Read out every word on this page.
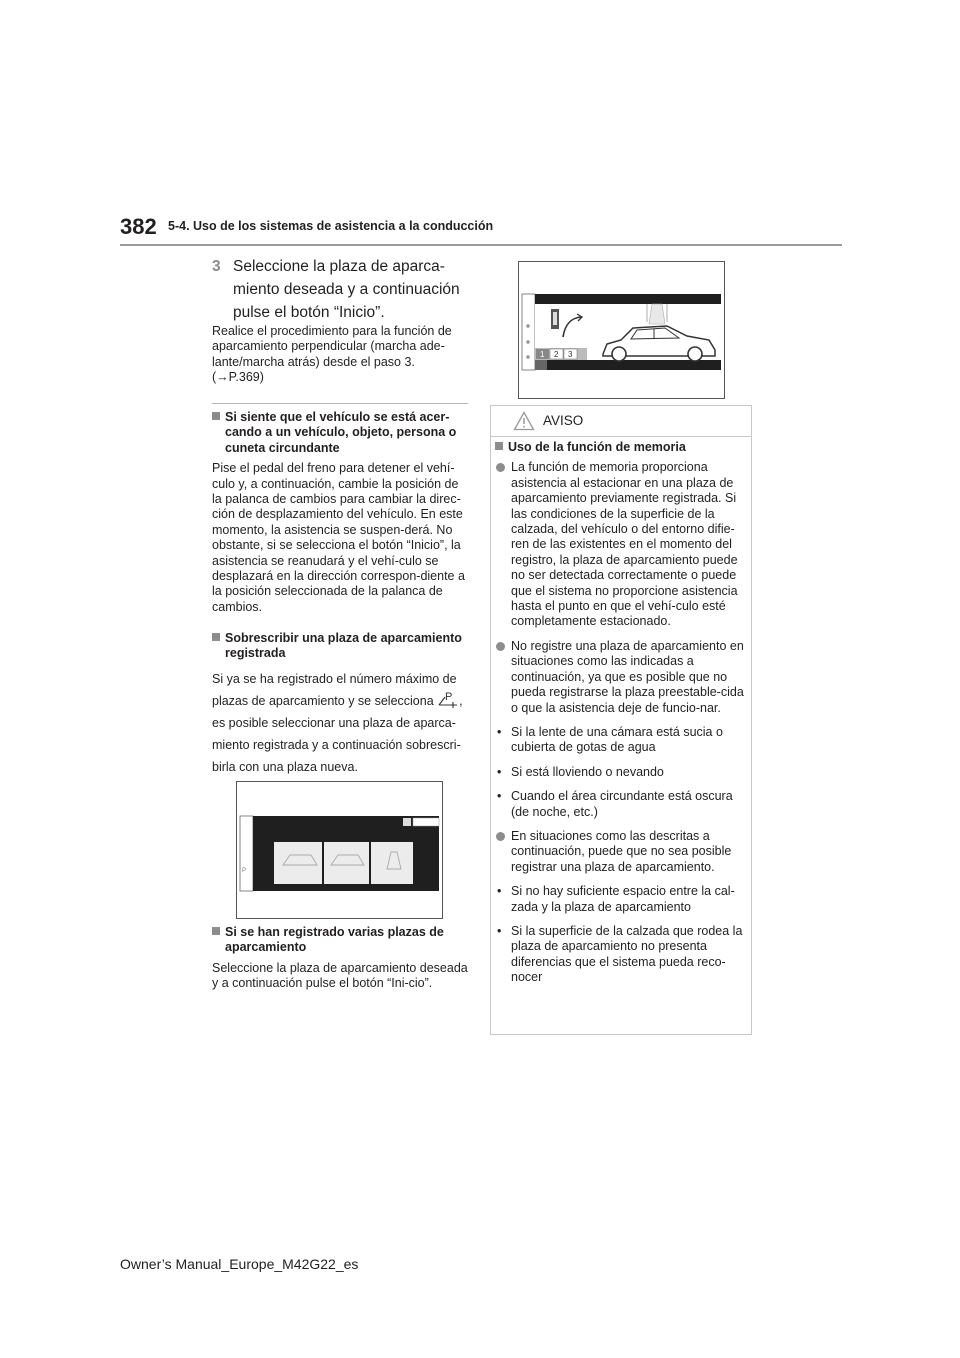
382 5-4. Uso de los sistemas de asistencia a la conducción
3 Seleccione la plaza de aparca-miento deseada y a continuación pulse el botón “Inicio”.
Realice el procedimiento para la función de aparcamiento perpendicular (marcha ade-lante/marcha atrás) desde el paso 3. (→P.369)
Si siente que el vehículo se está acer-cando a un vehículo, objeto, persona o cuneta circundante
Pise el pedal del freno para detener el vehí-culo y, a continuación, cambie la posición de la palanca de cambios para cambiar la direc-ción de desplazamiento del vehículo. En este momento, la asistencia se suspen-derá. No obstante, si se selecciona el botón “Inicio”, la asistencia se reanudará y el vehí-culo se desplazará en la dirección correspon-diente a la posición seleccionada de la palanca de cambios.
Sobrescribir una plaza de aparcamiento registrada
Si ya se ha registrado el número máximo de plazas de aparcamiento y se selecciona P , es posible seleccionar una plaza de aparca-miento registrada y a continuación sobrescri-birla con una plaza nueva.
P
Si se han registrado varias plazas de aparcamiento
Seleccione la plaza de aparcamiento deseada y a continuación pulse el botón “Ini-cio”.
1 2 3
AVISO
Uso de la función de memoria
La función de memoria proporciona asistencia al estacionar en una plaza de aparcamiento previamente registrada. Si las condiciones de la superficie de la calzada, del vehículo o del entorno difie-ren de las existentes en el momento del registro, la plaza de aparcamiento puede no ser detectada correctamente o puede que el sistema no proporcione asistencia hasta el punto en que el vehí-culo esté completamente estacionado.
No registre una plaza de aparcamiento en situaciones como las indicadas a continuación, ya que es posible que no pueda registrarse la plaza preestable-cida o que la asistencia deje de funcio-nar.
• Si la lente de una cámara está sucia o cubierta de gotas de agua
• Si está lloviendo o nevando
• Cuando el área circundante está oscura (de noche, etc.)
En situaciones como las descritas a continuación, puede que no sea posible registrar una plaza de aparcamiento.
• Si no hay suficiente espacio entre la cal-zada y la plaza de aparcamiento
• Si la superficie de la calzada que rodea la plaza de aparcamiento no presenta diferencias que el sistema pueda reco-nocer
Owner’s Manual_Europe_M42G22_es
